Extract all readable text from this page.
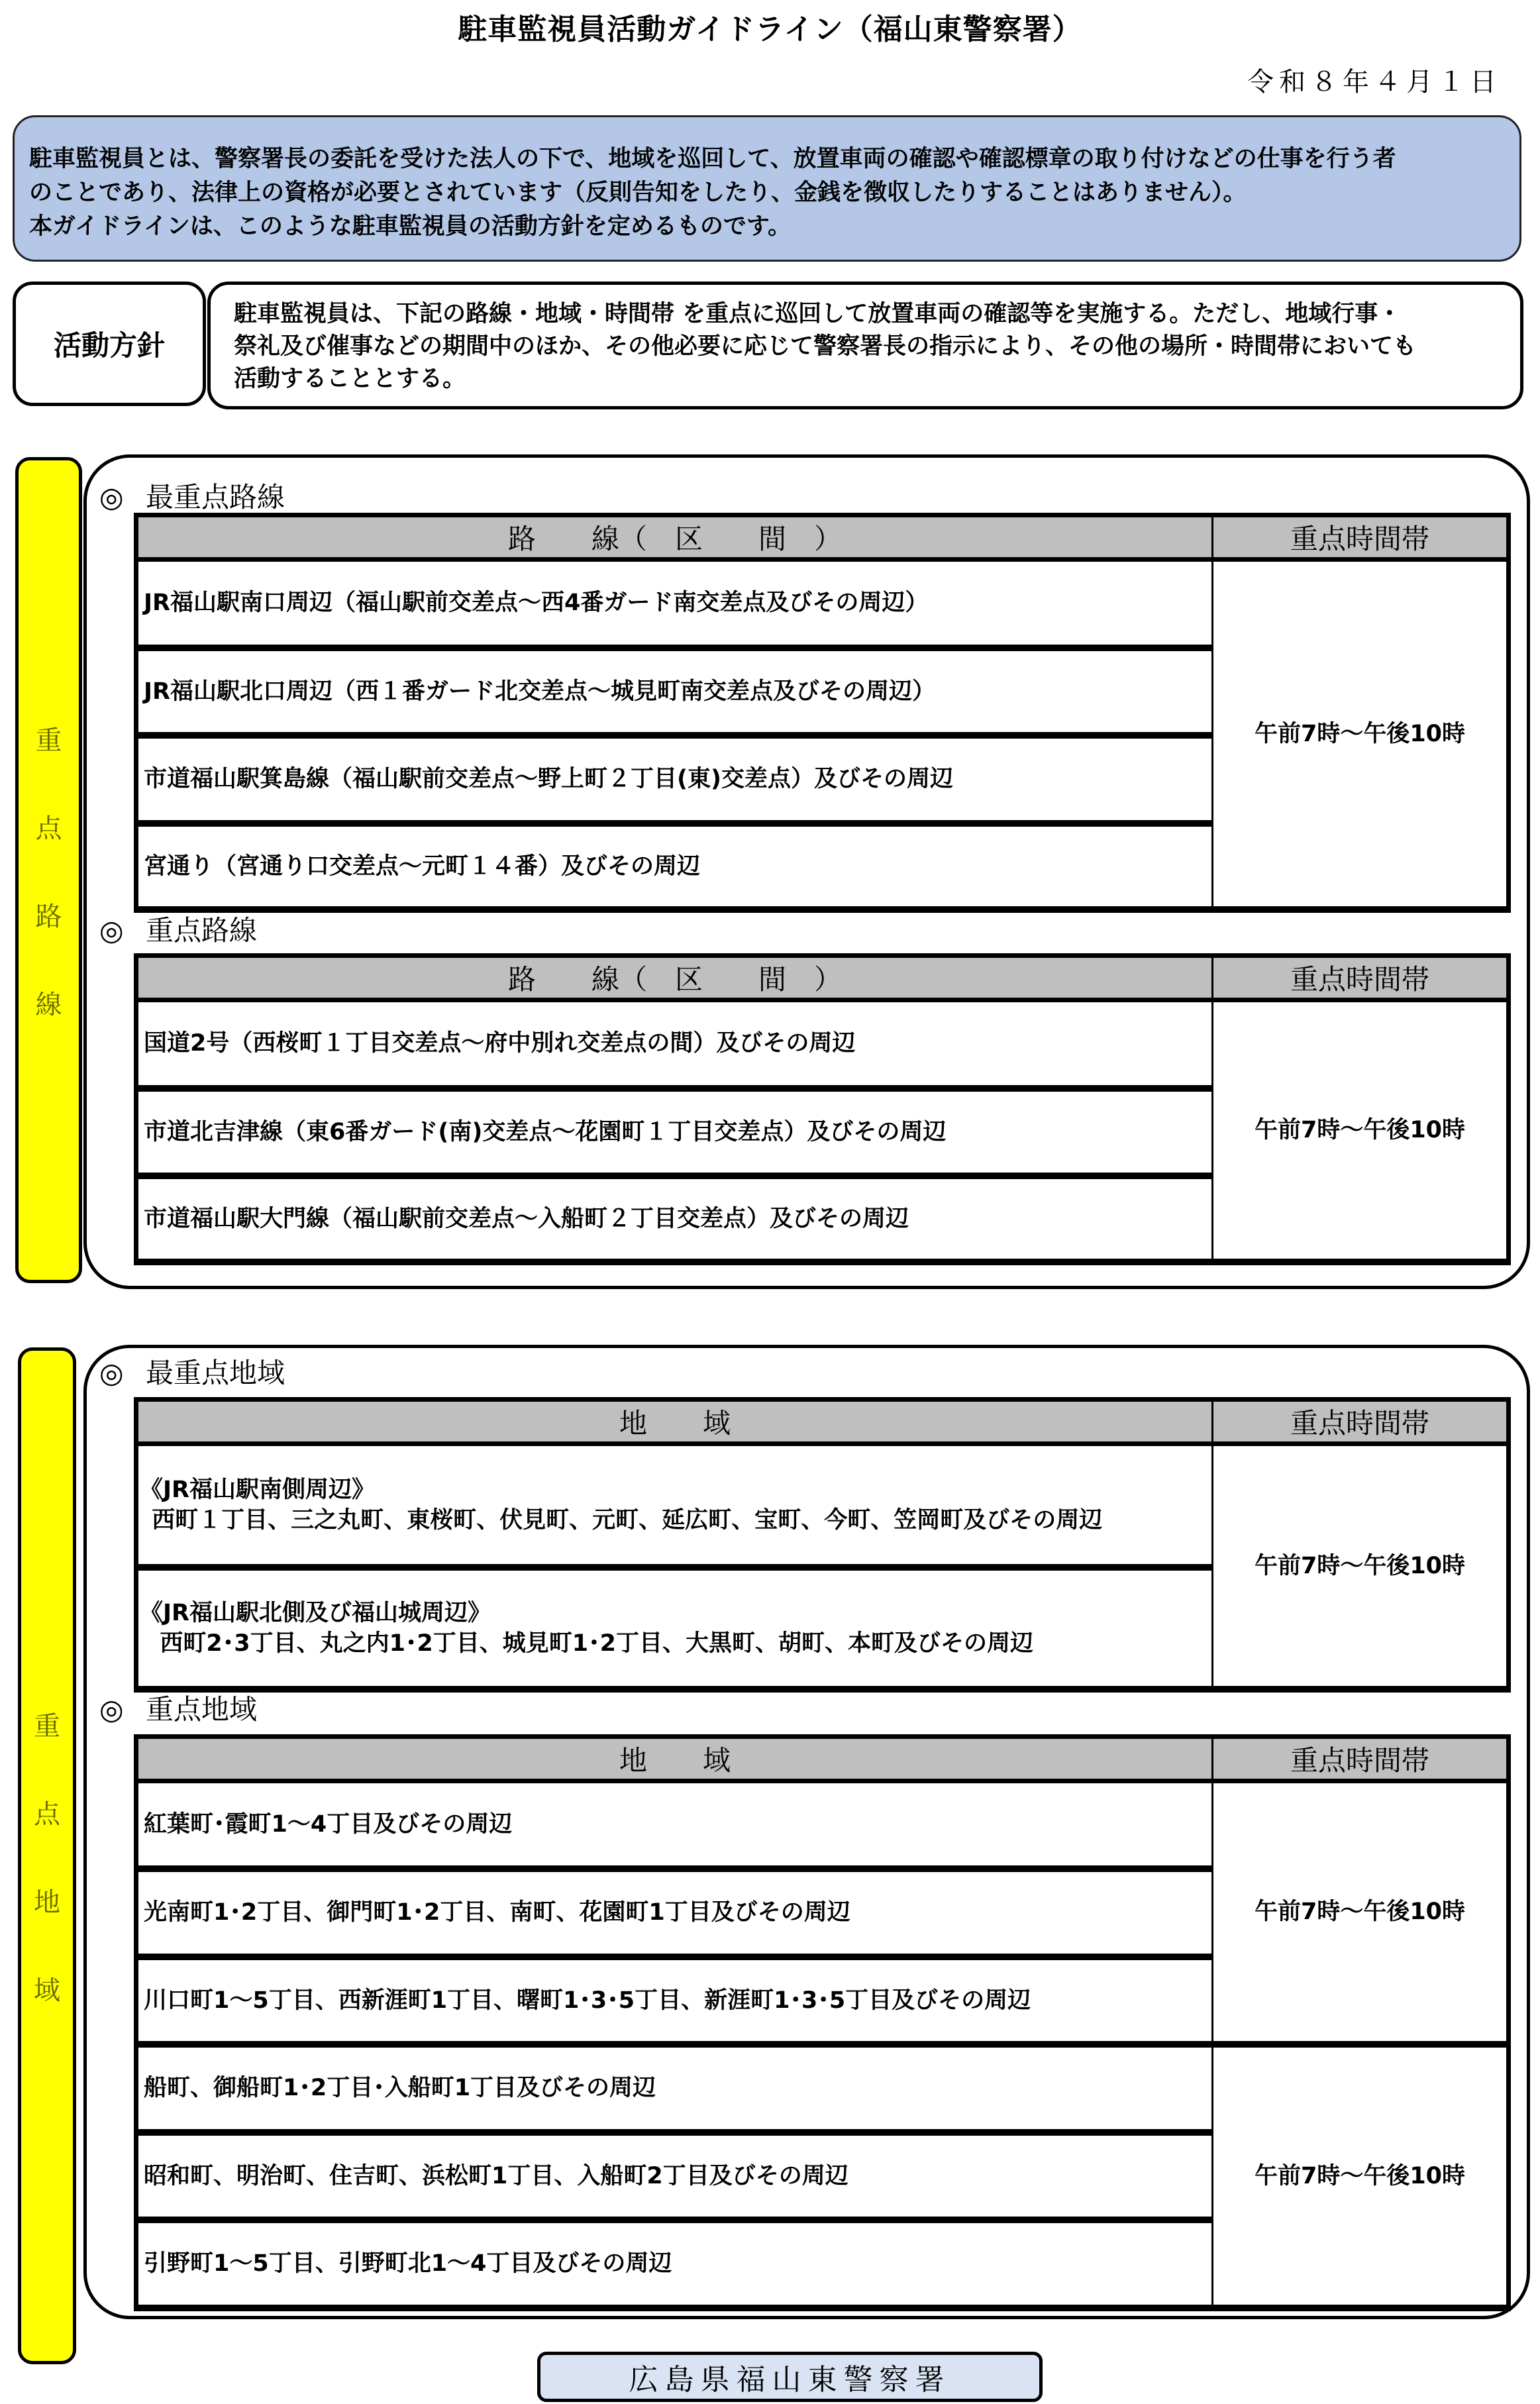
駐車監視員活動ガイドライン（福山東警察署）
令和８年４月１日
駐車監視員とは、警察署長の委託を受けた法人の下で、地域を巡回して、放置車両の確認や確認標章の取り付けなどの仕事を行う者
のことであり、法律上の資格が必要とされています（反則告知をしたり、金銭を徴収したりすることはありません）。
本ガイドラインは、このような駐車監視員の活動方針を定めるものです。
活動方針
駐車監視員は、下記の路線・地域・時間帯 を重点に巡回して放置車両の確認等を実施する。ただし、地域行事・
祭礼及び催事などの期間中のほか、その他必要に応じて警察署長の指示により、その他の場所・時間帯においても
活動することとする。
重
点
路
線
◎ 最重点路線
路　　線（　区　　間　）	重点時間帯
JR福山駅南口周辺（福山駅前交差点～西4番ガード南交差点及びその周辺）	午前7時～午後10時
JR福山駅北口周辺（西１番ガード北交差点～城見町南交差点及びその周辺）	
市道福山駅箕島線（福山駅前交差点～野上町２丁目(東)交差点）及びその周辺	
宮通り（宮通り口交差点～元町１４番）及びその周辺	
◎ 重点路線
路　　線（　区　　間　）	重点時間帯
国道2号（西桜町１丁目交差点～府中別れ交差点の間）及びその周辺	午前7時～午後10時
市道北吉津線（東6番ガード(南)交差点～花園町１丁目交差点）及びその周辺	
市道福山駅大門線（福山駅前交差点～入船町２丁目交差点）及びその周辺	
重
点
地
域
◎ 最重点地域
地　　域	重点時間帯

《JR福山駅南側周辺》
西町１丁目、三之丸町、東桜町、伏見町、元町、延広町、宝町、今町、笠岡町及びその周辺	午前7時～午後10時

《JR福山駅北側及び福山城周辺》
西町2･3丁目、丸之内1･2丁目、城見町1･2丁目、大黒町、胡町、本町及びその周辺	
◎ 重点地域
地　　域	重点時間帯
紅葉町･霞町1～4丁目及びその周辺	午前7時～午後10時
光南町1･2丁目、御門町1･2丁目、南町、花園町1丁目及びその周辺	
川口町1～5丁目、西新涯町1丁目、曙町1･3･5丁目、新涯町1･3･5丁目及びその周辺	
船町、御船町1･2丁目･入船町1丁目及びその周辺	午前7時～午後10時
昭和町、明治町、住吉町、浜松町1丁目、入船町2丁目及びその周辺	
引野町1～5丁目、引野町北1～4丁目及びその周辺	
広島県福山東警察署
